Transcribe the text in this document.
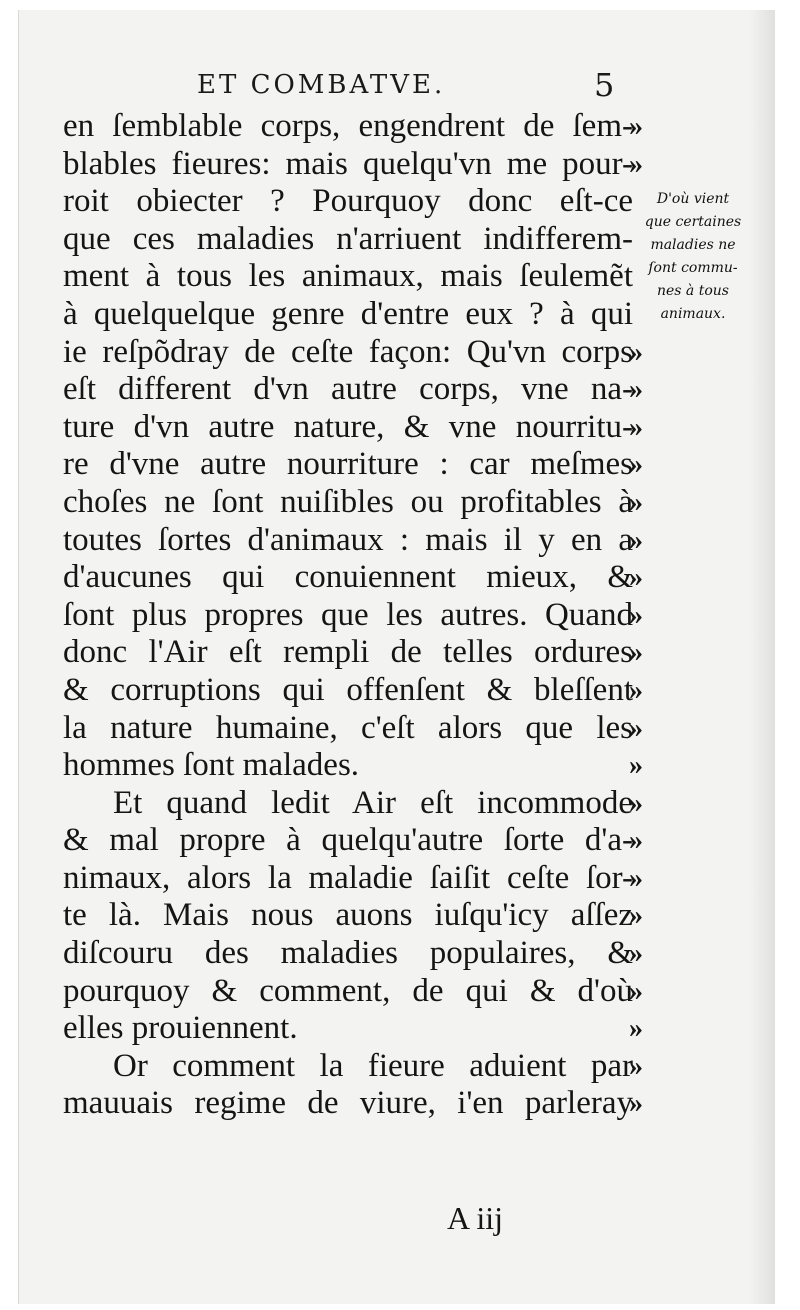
ET COMBATVE.	5
en ſemblable corps, engendrent de ſem-
blables fieures: mais quelqu'vn me pour-
roit obiecter ? Pourquoy donc eſt-ce
que ces maladies n'arriuent indifferem-
ment à tous les animaux, mais ſeulemẽt
à quelquelque genre d'entre eux ? à qui
ie reſpõdray de ceſte façon: Qu'vn corps
eſt different d'vn autre corps, vne na-
ture d'vn autre nature, & vne nourritu-
re d'vne autre nourriture : car meſmes
choſes ne ſont nuiſibles ou profitables à
toutes ſortes d'animaux : mais il y en a
d'aucunes qui conuiennent mieux, &
ſont plus propres que les autres. Quand
donc l'Air eſt rempli de telles ordures
& corruptions qui offenſent & bleſſent
la nature humaine, c'eſt alors que les
hommes ſont malades.
Et quand ledit Air eſt incommode
& mal propre à quelqu'autre ſorte d'a-
nimaux, alors la maladie ſaiſit ceſte ſor-
te là. Mais nous auons iuſqu'icy aſſez
diſcouru des maladies populaires, &
pourquoy & comment, de qui & d'où
elles prouiennent.
Or comment la fieure aduient par
mauuais regime de viure, i'en parleray
»
»
»
»
»
»
»
»
»
»
»
»
»
»
»
»
»
»
»
»
»
»
»
D'où vient
que certaines
maladies ne
ſont commu-
nes à tous
animaux.
A iij
